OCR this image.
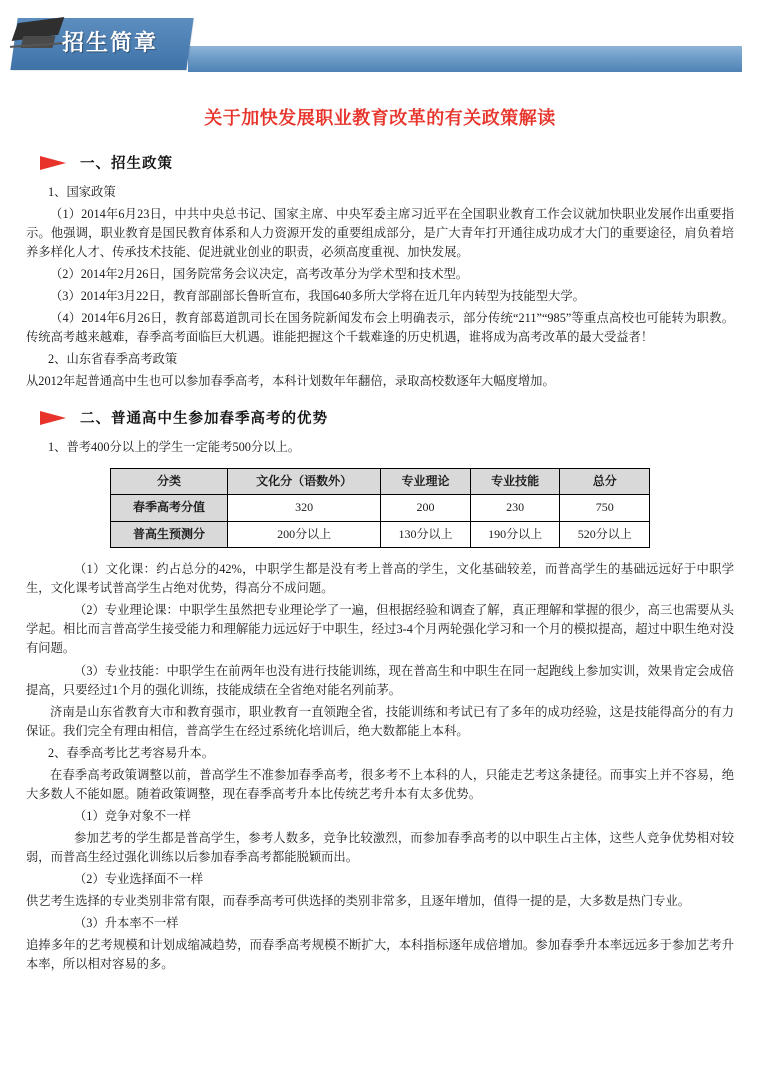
招生简章
关于加快发展职业教育改革的有关政策解读
一、招生政策

1、国家政策

（1）2014年6月23日，中共中央总书记、国家主席、中央军委主席习近平在全国职业教育工作会议就加快职业发展作出重要指示。他强调，职业教育是国民教育体系和人力资源开发的重要组成部分，是广大青年打开通往成功成才大门的重要途径，肩负着培养多样化人才、传承技术技能、促进就业创业的职责，必须高度重视、加快发展。

（2）2014年2月26日，国务院常务会议决定，高考改革分为学术型和技术型。

（3）2014年3月22日，教育部副部长鲁昕宣布，我国640多所大学将在近几年内转型为技能型大学。

（4）2014年6月26日，教育部葛道凯司长在国务院新闻发布会上明确表示，部分传统“211”“985”等重点高校也可能转为职教。传统高考越来越难，春季高考面临巨大机遇。谁能把握这个千载难逢的历史机遇，谁将成为高考改革的最大受益者！

2、山东省春季高考政策

从2012年起普通高中生也可以参加春季高考，本科计划数年年翻倍，录取高校数逐年大幅度增加。

二、普通高中生参加春季高考的优势

1、普考400分以上的学生一定能考500分以上。

分类	文化分（语数外）	专业理论	专业技能	总分
春季高考分值	320	200	230	750
普高生预测分	200分以上	130分以上	190分以上	520分以上

（1）文化课：约占总分的42%，中职学生都是没有考上普高的学生，文化基础较差，而普高学生的基础远远好于中职学生，文化课考试普高学生占绝对优势，得高分不成问题。

（2）专业理论课：中职学生虽然把专业理论学了一遍，但根据经验和调查了解，真正理解和掌握的很少，高三也需要从头学起。相比而言普高学生接受能力和理解能力远远好于中职生，经过3-4个月两轮强化学习和一个月的模拟提高，超过中职生绝对没有问题。

（3）专业技能：中职学生在前两年也没有进行技能训练，现在普高生和中职生在同一起跑线上参加实训，效果肯定会成倍提高，只要经过1个月的强化训练，技能成绩在全省绝对能名列前茅。

济南是山东省教育大市和教育强市，职业教育一直领跑全省，技能训练和考试已有了多年的成功经验，这是技能得高分的有力保证。我们完全有理由相信，普高学生在经过系统化培训后，绝大数都能上本科。

2、春季高考比艺考容易升本。

在春季高考政策调整以前，普高学生不准参加春季高考，很多考不上本科的人，只能走艺考这条捷径。而事实上并不容易，绝大多数人不能如愿。随着政策调整，现在春季高考升本比传统艺考升本有太多优势。

（1）竞争对象不一样

参加艺考的学生都是普高学生，参考人数多，竞争比较激烈，而参加春季高考的以中职生占主体，这些人竞争优势相对较弱，而普高生经过强化训练以后参加春季高考都能脱颖而出。

（2）专业选择面不一样

供艺考生选择的专业类别非常有限，而春季高考可供选择的类别非常多，且逐年增加，值得一提的是，大多数是热门专业。

（3）升本率不一样

追捧多年的艺考规模和计划成缩减趋势，而春季高考规模不断扩大，本科指标逐年成倍增加。参加春季升本率远远多于参加艺考升本率，所以相对容易的多。
